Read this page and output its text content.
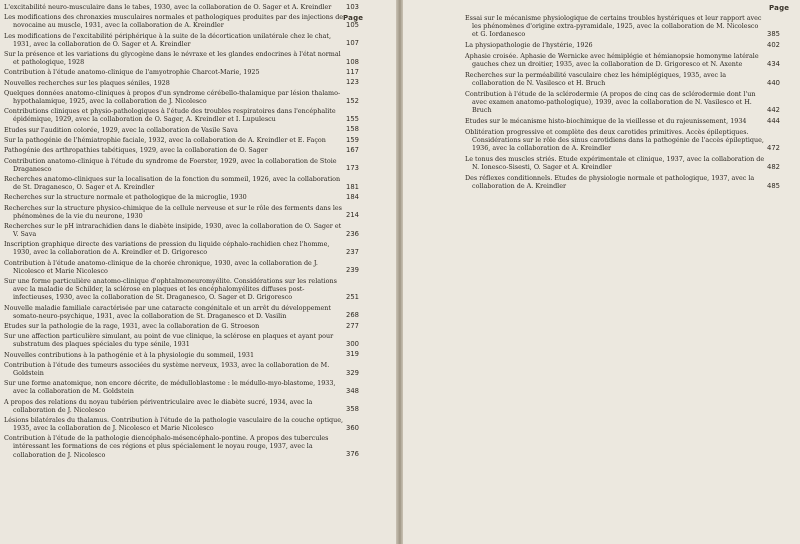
Page
L'excitabilité neuro-musculaire dans le tabes, 1930, avec la collaboration de O. Sager et A. Kreindler
Les modifications des chronaxies musculaires normales et pathologiques produites par des injections de novocaine au muscle, 1931, avec la collaboration de A. Kreindler
Les modifications de l'excitabilité périphérique à la suite de la décortication unilatérale chez le chat, 1931, avec la collaboration de O. Sager et A. Kreindler
Sur la présence et les variations du glycogène dans le névraxe et les glandes endocrines à l'état normal et pathologique, 1928
Contribution à l'étude anatomo-clinique de l'amyotrophie Charcot-Marie, 1925
Nouvelles recherches sur les plaques séniles, 1928
Quelques données anatomo-cliniques à propos d'un syndrome cérébello-thalamique par lésion thalamo-hypothalamique, 1925, avec la collaboration de J. Nicolesco
Contributions cliniques et physio-pathologiques à l'étude des troubles respiratoires dans l'encéphalite épidémique, 1929, avec la collaboration de O. Sager, A. Kreindler et I. Lupulescu
Etudes sur l'audition colorée, 1929, avec la collaboration de Vasile Sava
Sur la pathogénie de l'hémiatrophie faciale, 1932, avec la collaboration de A. Kreindler et E. Façon
Pathogénie des arthropathies tabétiques, 1929, avec la collaboration de O. Sager
Contribution anatomo-clinique à l'étude du syndrome de Foerster, 1929, avec la collaboration de Stoie Draganesco
Recherches anatomo-cliniques sur la localisation de la fonction du sommeil, 1926, avec la collaboration de St. Draganesco, O. Sager et A. Kreindler
Recherches sur la structure normale et pathologique de la microglie, 1930
Recherches sur la structure physico-chimique de la cellule nerveuse et sur le rôle des ferments dans les phénomènes de la vie du neurone, 1930
Recherches sur le pH intrarachidien dans le diabète insipide, 1930, avec la collaboration de O. Sager et V. Sava
Inscription graphique directe des variations de pression du liquide céphalo-rachidien chez l'homme, 1930, avec la collaboration de A. Kreindler et D. Grigoresco
Contribution à l'étude anatomo-clinique de la chorée chronique, 1930, avec la collaboration de J. Nicolesco et Marie Nicolesco
Sur une forme particulière anatomo-clinique d'ophtalmoneuromyélite. Considérations sur les relations avec la maladie de Schilder, la sclérose en plaques et les encéphalomyélites diffuses post-infectieuses, 1930, avec la collaboration de St. Draganesco, O. Sager et D. Grigoresco
Nouvelle maladie familiale caractérisée par une cataracte congénitale et un arrêt du développement somato-neuro-psychique, 1931, avec la collaboration de St. Draganesco et D. Vasilin
Etudes sur la pathologie de la rage, 1931, avec la collaboration de G. Stroeson
Sur une affection particulière simulant, au point de vue clinique, la sclérose en plaques et ayant pour substratum des plaques spéciales du type sénile, 1931
Nouvelles contributions à la pathogénie et à la physiologie du sommeil, 1931
Contribution à l'étude des tumeurs associées du système nerveux, 1933, avec la collaboration de M. Goldstein
Sur une forme anatomique, non encore décrite, de médulloblastome : le médullo-myo-blastome, 1933, avec la collaboration de M. Goldstein
A propos des relations du noyau tubérien périventriculaire avec le diabète sucré, 1934, avec la collaboration de J. Nicolesco
Lésions bilatérales du thalamus. Contribution à l'étude de la pathologie vasculaire de la couche optique, 1935, avec la collaboration de J. Nicolesco et Marie Nicolesco
Contribution à l'étude de la pathologie diencéphalo-mésencéphalo-pontine. A propos des tubercules intéressant les formations de ces régions et plus spécialement le noyau rouge, 1937, avec la collaboration de J. Nicolesco
103
105
107
108
117
123
152
155
158
159
167
173
181
184
214
236
237
239
251
268
277
300
319
329
348
358
360
376
Page
Essai sur le mécanisme physiologique de certains troubles hystériques et leur rapport avec les phénomènes d'origine extra-pyramidale, 1925, avec la collaboration de M. Nicolesco et G. Iordanesco
La physiopathologie de l'hystérie, 1926
Aphasie croisée. Aphasie de Wernicke avec hémiplégie et hémianopsie homonyme latérale gauches chez un droitier, 1935, avec la collaboration de D. Grigoresco et N. Axente
Recherches sur la perméabilité vasculaire chez les hémiplégiques, 1935, avec la collaboration de N. Vasilesco et H. Bruch
Contribution à l'étude de la sclérodermie (A propos de cinq cas de sclérodermie dont l'un avec examen anatomo-pathologique), 1939, avec la collaboration de N. Vasilesco et H. Bruch
Etudes sur le mécanisme histo-biochimique de la vieillesse et du rajeunissement, 1934
Oblitération progressive et complète des deux carotides primitives. Accès épileptiques. Considérations sur le rôle des sinus carotidiens dans la pathogénie de l'accès épileptique, 1936, avec la collaboration de A. Kreindler
Le tonus des muscles striés. Etude expérimentale et clinique, 1937, avec la collaboration de N. Ionesco-Sisesti, O. Sager et A. Kreindler
Des réflexes conditionnels. Etudes de physiologie normale et pathologique, 1937, avec la collaboration de A. Kreindler
385
402
434
440
442
444
472
482
485
